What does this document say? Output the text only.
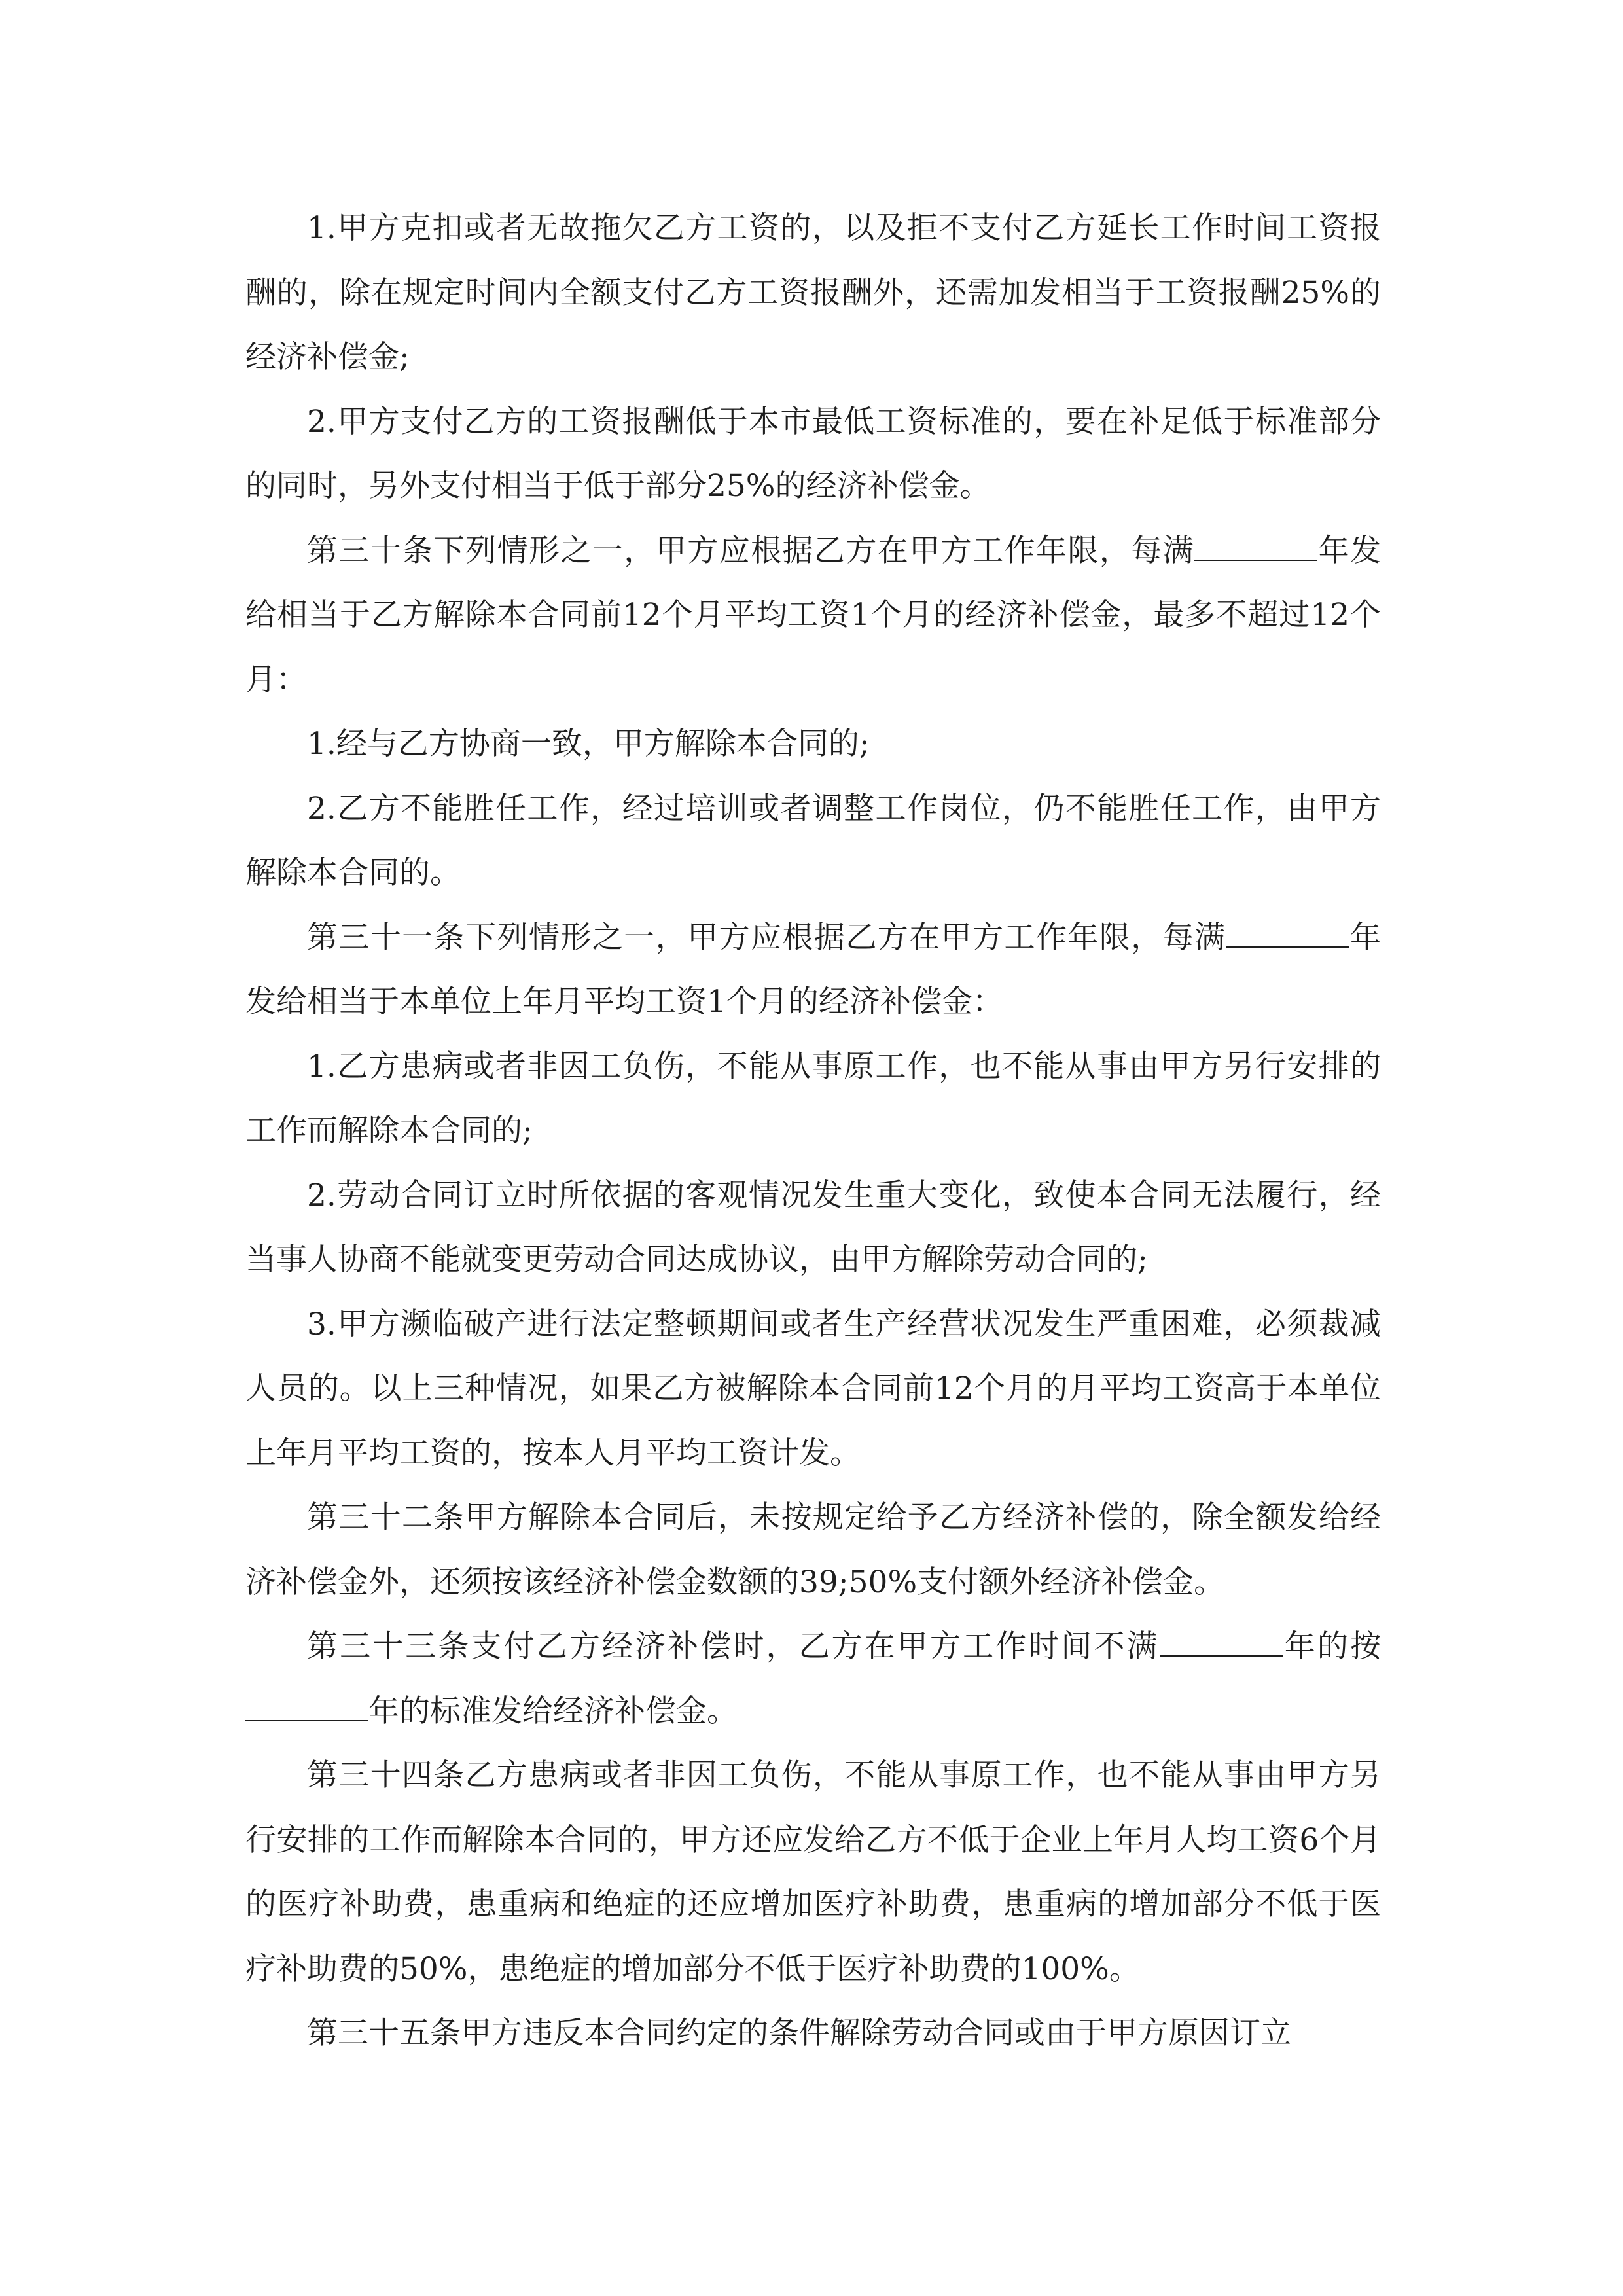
1.甲方克扣或者无故拖欠乙方工资的，以及拒不支付乙方延长工作时间工资报酬的，除在规定时间内全额支付乙方工资报酬外，还需加发相当于工资报酬25%的经济补偿金;

2.甲方支付乙方的工资报酬低于本市最低工资标准的，要在补足低于标准部分的同时，另外支付相当于低于部分25%的经济补偿金。

第三十条下列情形之一，甲方应根据乙方在甲方工作年限，每满	年发给相当于乙方解除本合同前12个月平均工资1个月的经济补偿金，最多不超过12个月：

1.经与乙方协商一致，甲方解除本合同的;

2.乙方不能胜任工作，经过培训或者调整工作岗位，仍不能胜任工作，由甲方解除本合同的。

第三十一条下列情形之一，甲方应根据乙方在甲方工作年限，每满	年发给相当于本单位上年月平均工资1个月的经济补偿金：

1.乙方患病或者非因工负伤，不能从事原工作，也不能从事由甲方另行安排的工作而解除本合同的;

2.劳动合同订立时所依据的客观情况发生重大变化，致使本合同无法履行，经当事人协商不能就变更劳动合同达成协议，由甲方解除劳动合同的;

3.甲方濒临破产进行法定整顿期间或者生产经营状况发生严重困难，必须裁减人员的。以上三种情况，如果乙方被解除本合同前12个月的月平均工资高于本单位上年月平均工资的，按本人月平均工资计发。

第三十二条甲方解除本合同后，未按规定给予乙方经济补偿的，除全额发给经济补偿金外，还须按该经济补偿金数额的39;50%支付额外经济补偿金。

第三十三条支付乙方经济补偿时，乙方在甲方工作时间不满	年的按年的标准发给经济补偿金。

第三十四条乙方患病或者非因工负伤，不能从事原工作，也不能从事由甲方另行安排的工作而解除本合同的，甲方还应发给乙方不低于企业上年月人均工资6个月的医疗补助费，患重病和绝症的还应增加医疗补助费，患重病的增加部分不低于医疗补助费的50%，患绝症的增加部分不低于医疗补助费的100%。

第三十五条甲方违反本合同约定的条件解除劳动合同或由于甲方原因订立
